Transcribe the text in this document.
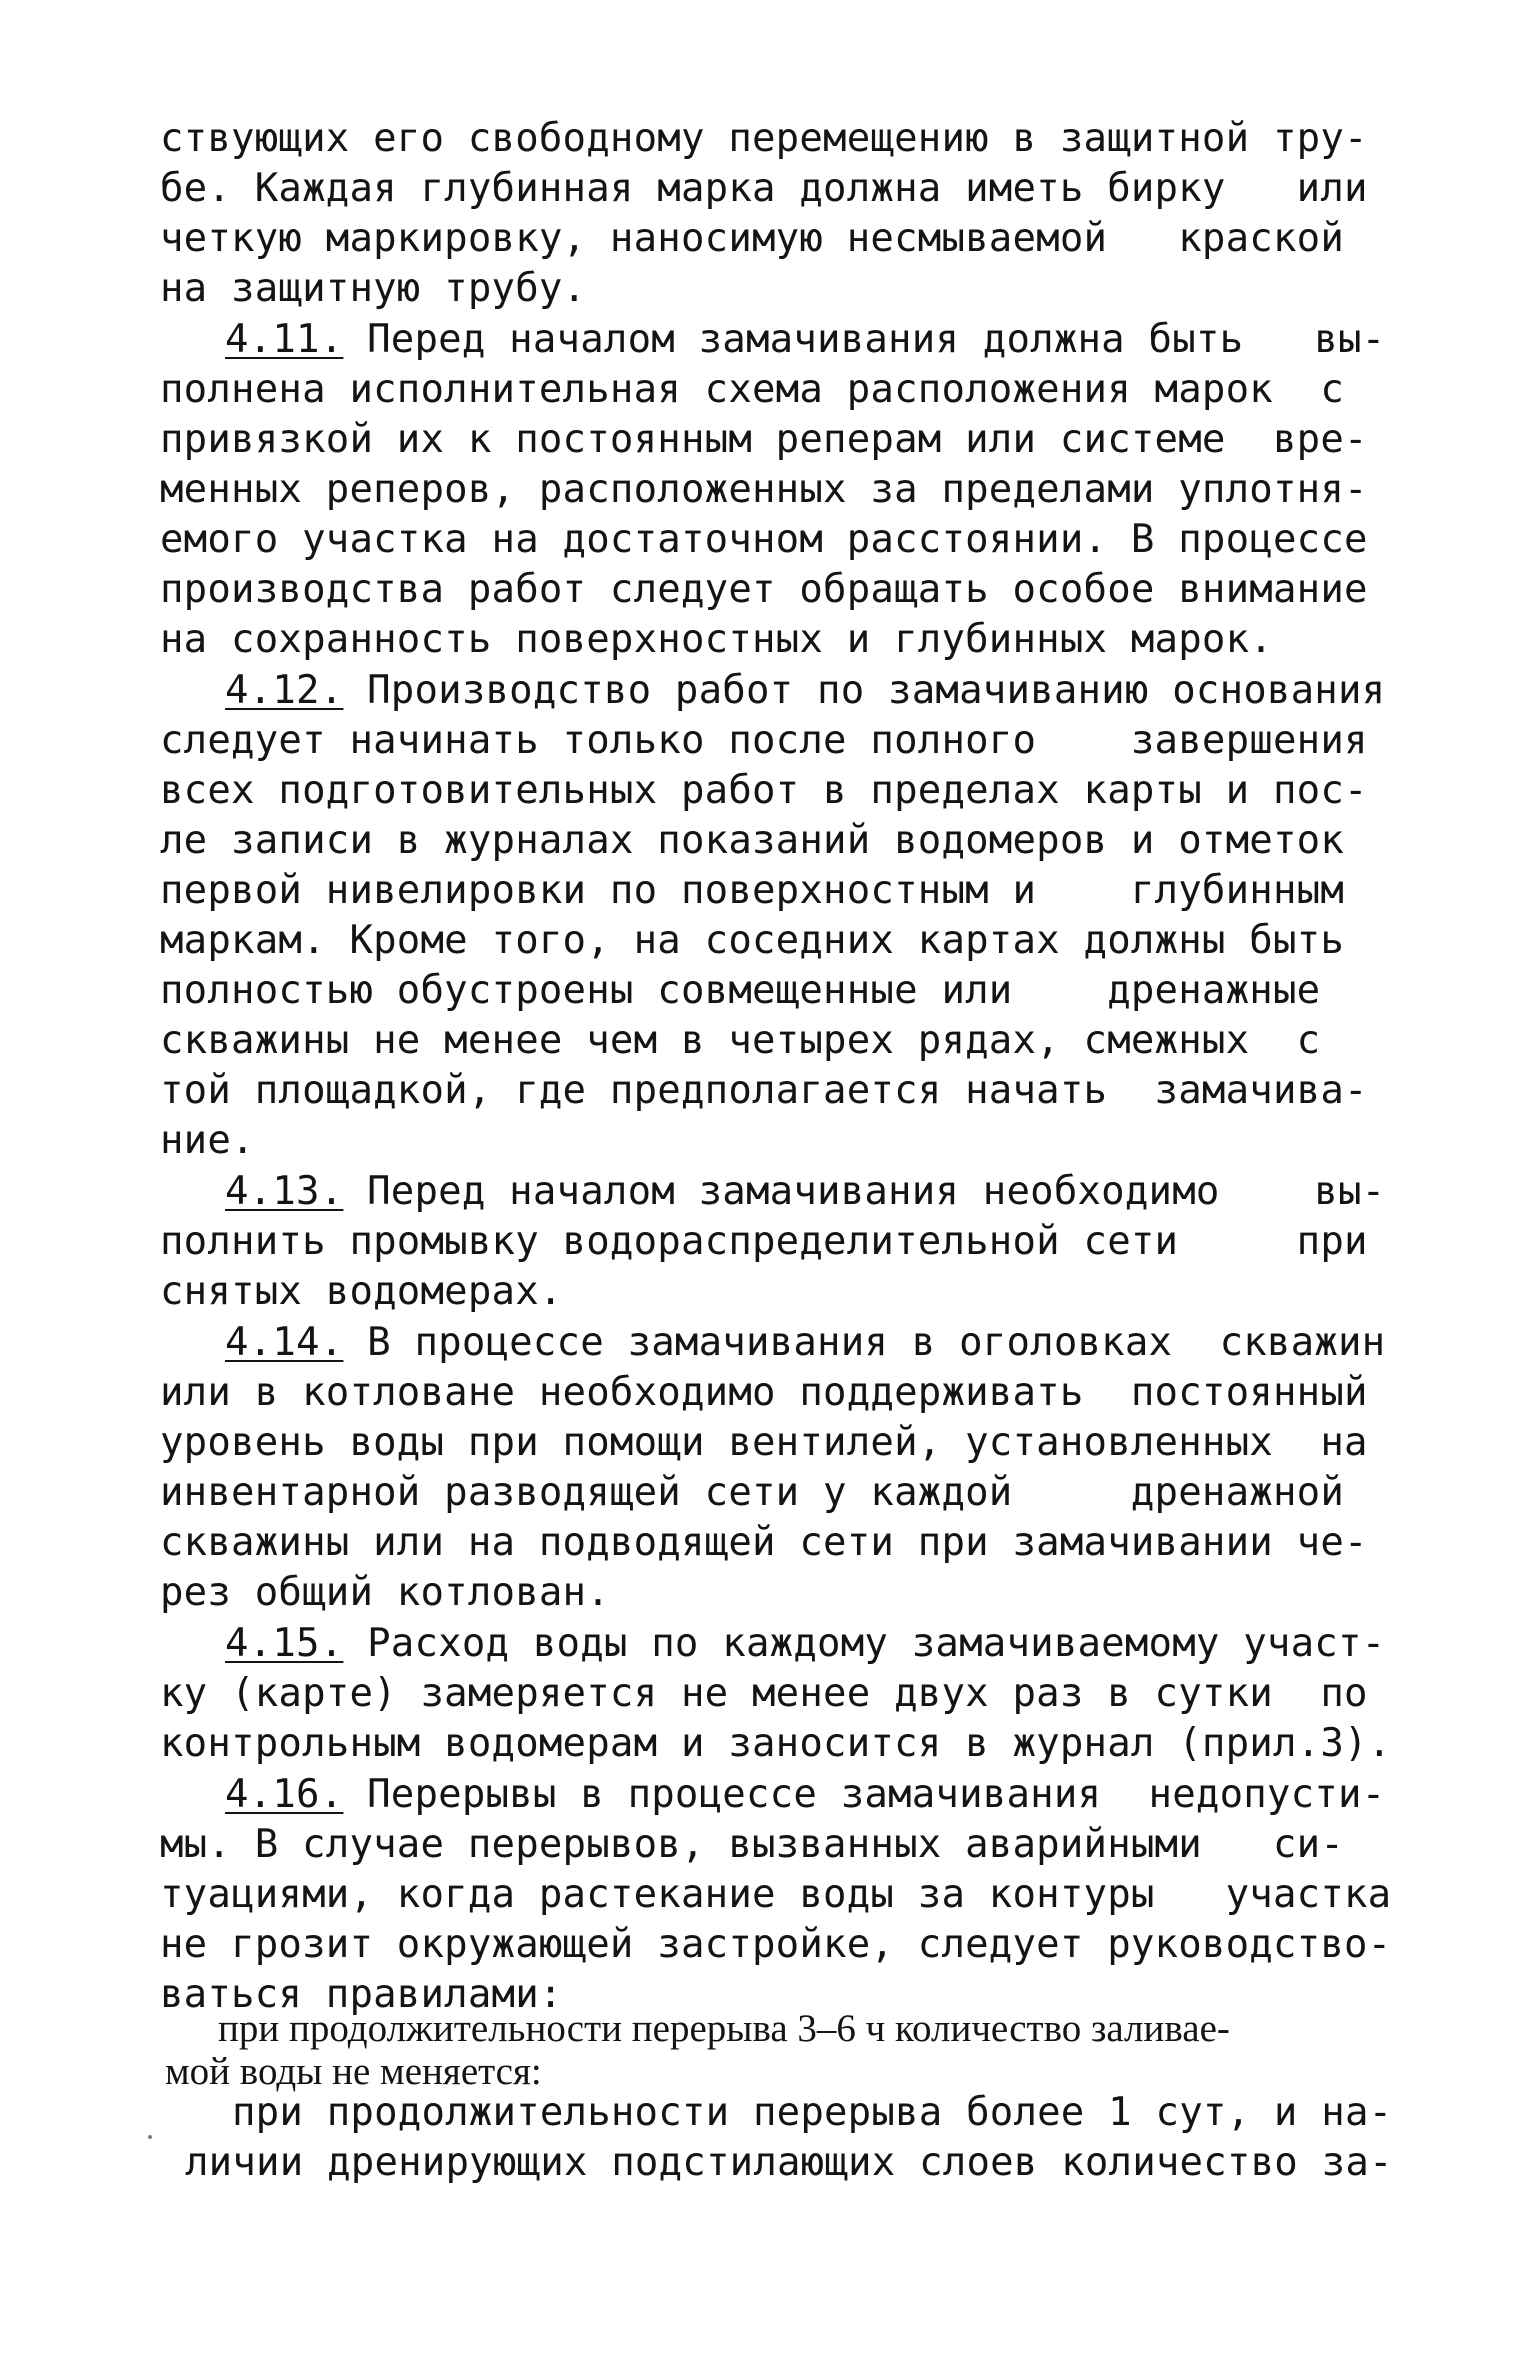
ствующих его свободному перемещению в защитной тру-

бе. Каждая глубинная марка должна иметь бирку   или

четкую маркировку, наносимую несмываемой   краской

на защитную трубу.

4.11. Перед началом замачивания должна быть   вы-

полнена исполнительная схема расположения марок  с

привязкой их к постоянным реперам или системе  вре-

менных реперов, расположенных за пределами уплотня-

емого участка на достаточном расстоянии. В процессе

производства работ следует обращать особое внимание

на сохранность поверхностных и глубинных марок.

4.12. Производство работ по замачиванию основания

следует начинать только после полного    завершения

всех подготовительных работ в пределах карты и пос-

ле записи в журналах показаний водомеров и отметок

первой нивелировки по поверхностным и    глубинным

маркам. Кроме того, на соседних картах должны быть

полностью обустроены совмещенные или    дренажные

скважины не менее чем в четырех рядах, смежных  с

той площадкой, где предполагается начать  замачива-

ние.

4.13. Перед началом замачивания необходимо    вы-

полнить промывку водораспределительной сети     при

снятых водомерах.

4.14. В процессе замачивания в оголовках  скважин

или в котловане необходимо поддерживать  постоянный

уровень воды при помощи вентилей, установленных  на

инвентарной разводящей сети у каждой     дренажной

скважины или на подводящей сети при замачивании че-

рез общий котлован.

4.15. Расход воды по каждому замачиваемому участ-

ку (карте) замеряется не менее двух раз в сутки  по

контрольным водомерам и заносится в журнал (прил.3).

4.16. Перерывы в процессе замачивания  недопусти-

мы. В случае перерывов, вызванных аварийными   си-

туациями, когда растекание воды за контуры   участка

не грозит окружающей застройке, следует руководство-

ваться правилами:

при продолжительности перерыва 3–6 ч количество заливае-

мой воды не меняется:

при продолжительности перерыва более 1 сут, и на-

личии дренирующих подстилающих слоев количество за-
